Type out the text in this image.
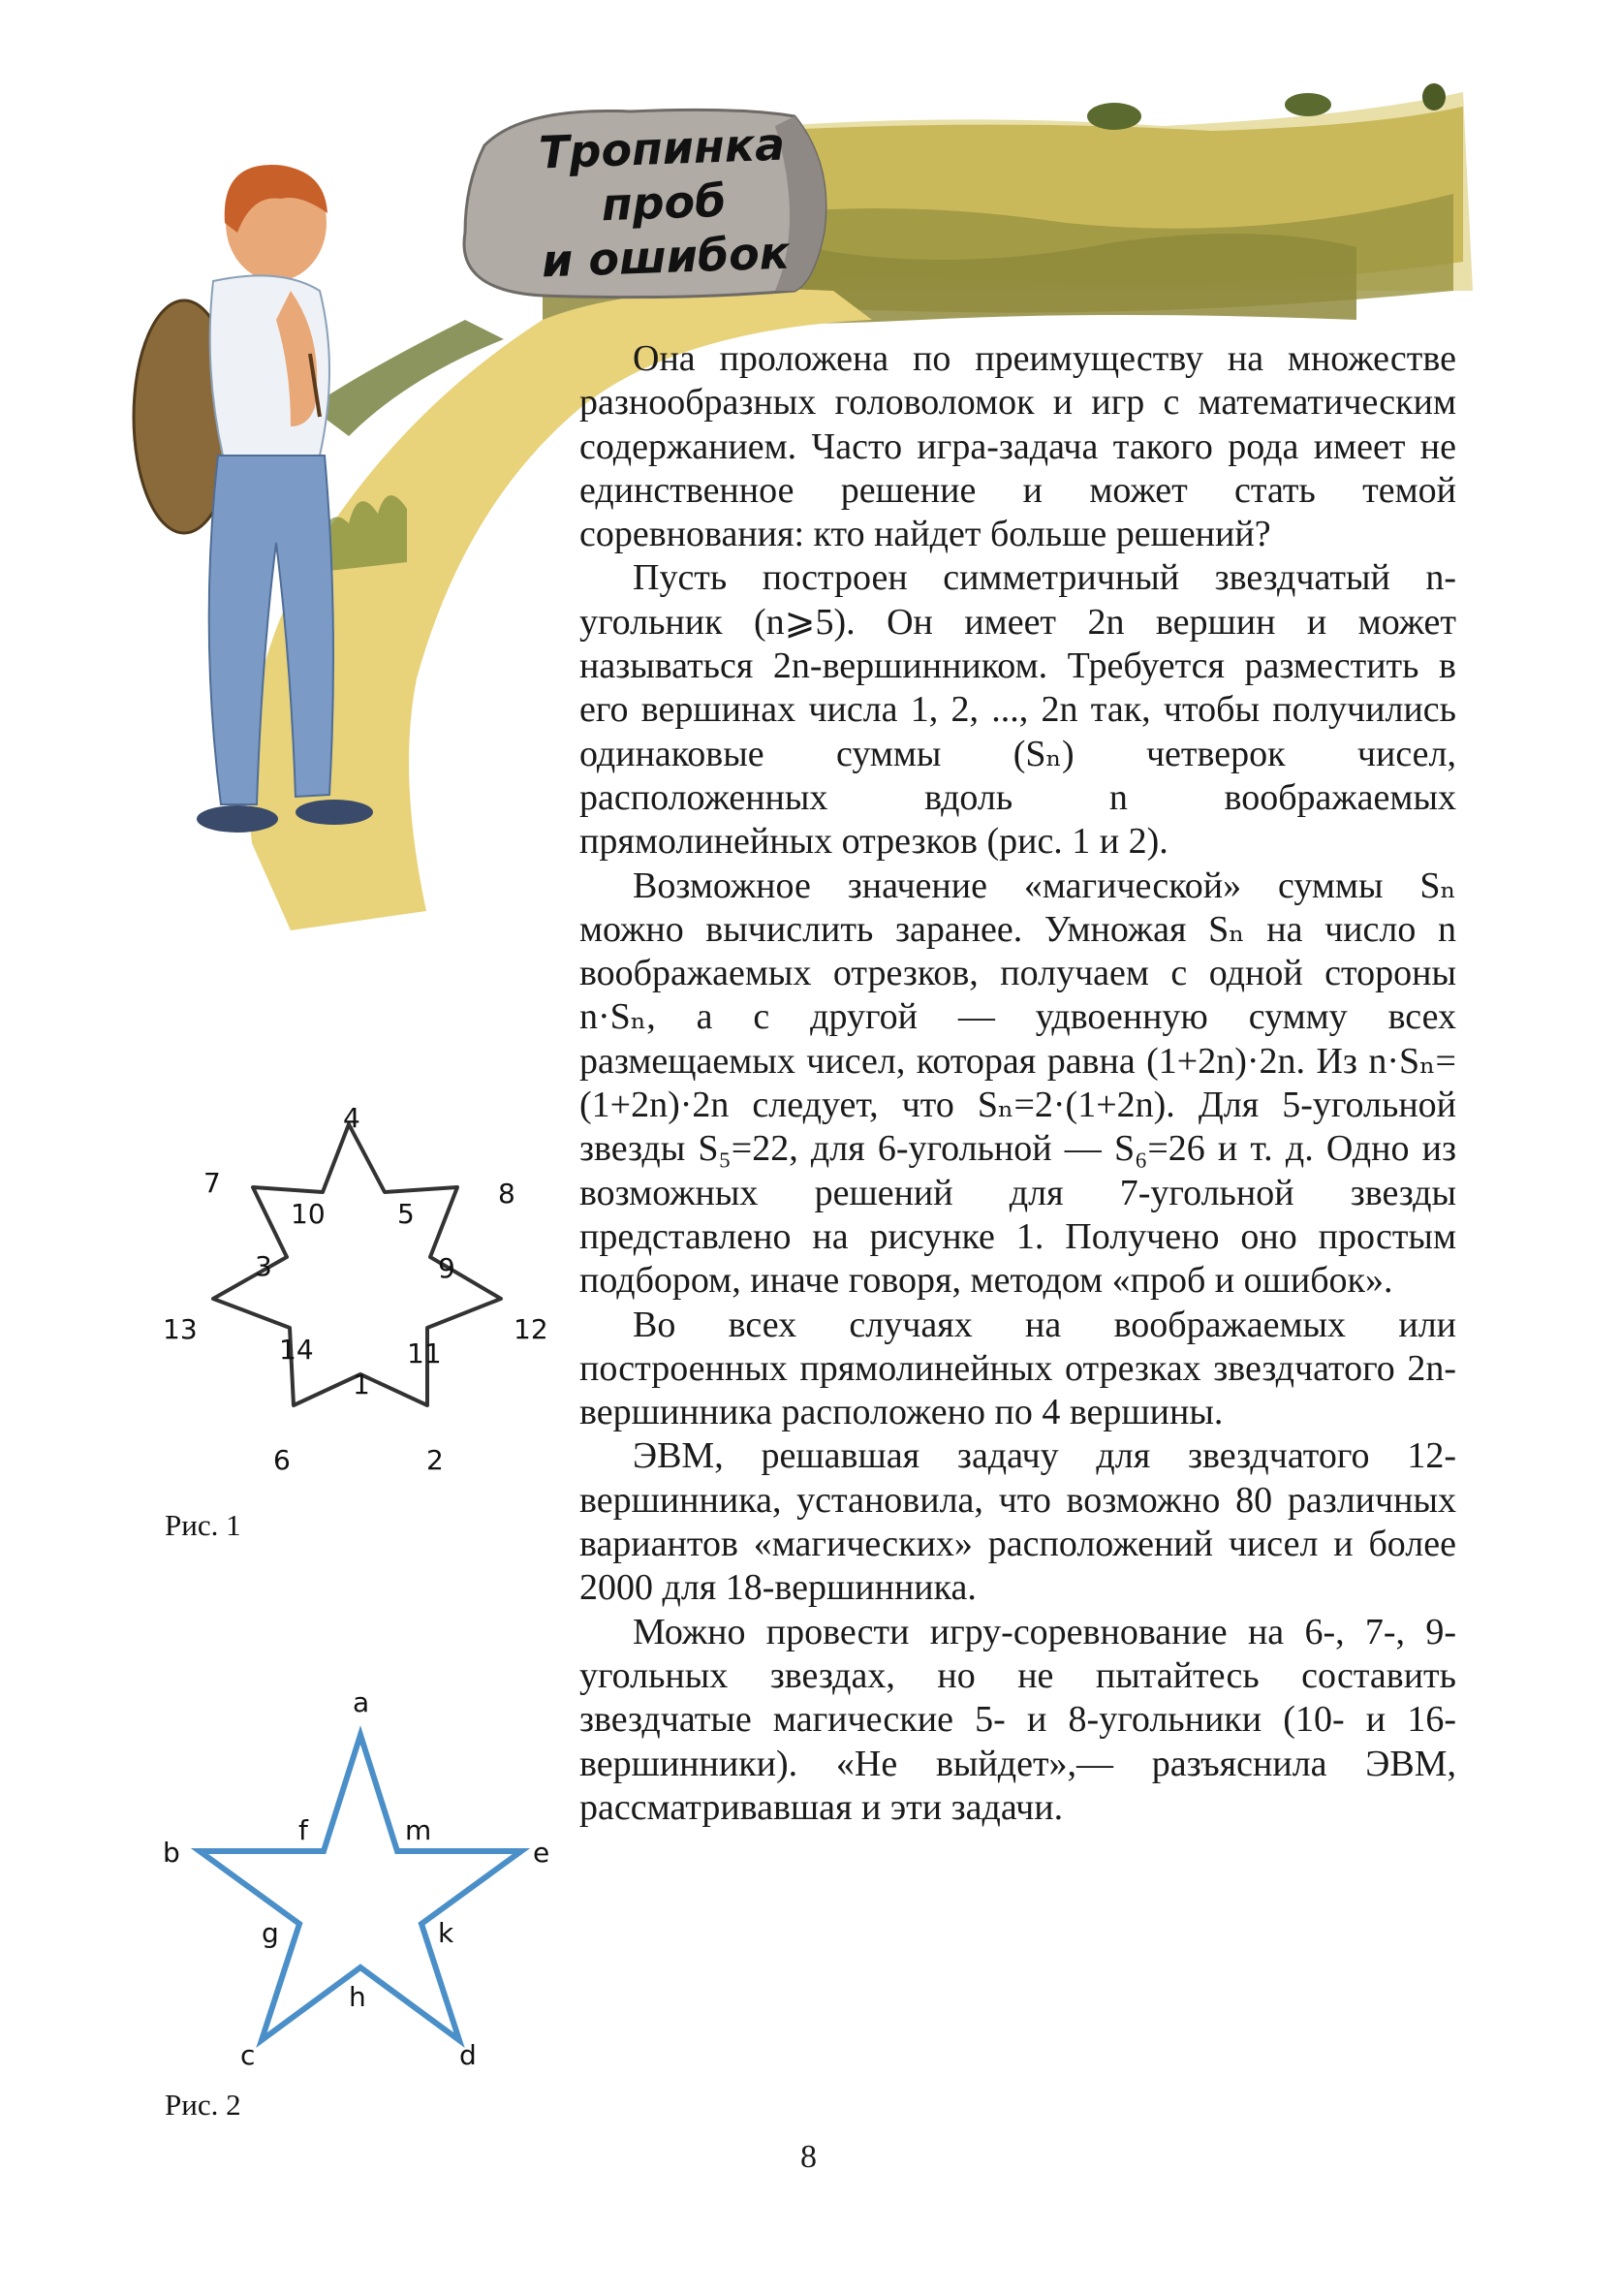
Тропинка
проб
и ошибок

Она проложена по преимуществу на множестве разнообразных головоломок и игр с математическим содержанием. Часто игра-задача такого рода имеет не единственное решение и может стать темой соревнования: кто найдет больше решений?

Пусть построен симметричный звездчатый n-угольник (n⩾5). Он имеет 2n вершин и может называться 2n-вершинником. Требуется разместить в его вершинах числа 1, 2, ..., 2n так, чтобы получились одинаковые суммы (Sₙ) четверок чисел, расположенных вдоль n воображаемых прямолинейных отрезков (рис. 1 и 2).

Возможное значение «магической» суммы Sₙ можно вычислить заранее. Умножая Sₙ на число n воображаемых отрезков, получаем с одной стороны n·Sₙ, а с другой — удвоенную сумму всех размещаемых чисел, которая равна (1+2n)·2n. Из n·Sₙ=(1+2n)·2n следует, что Sₙ=2·(1+2n). Для 5-угольной звезды S₅=22, для 6-угольной — S₆=26 и т. д. Одно из возможных решений для 7-угольной звезды представлено на рисунке 1. Получено оно простым подбором, иначе говоря, методом «проб и ошибок».

Во всех случаях на воображаемых или построенных прямолинейных отрезках звездчатого 2n-вершинника расположено по 4 вершины.

ЭВМ, решавшая задачу для звездчатого 12-вершинника, установила, что возможно 80 различных вариантов «магических» расположений чисел и более 2000 для 18-вершинника.

Можно провести игру-соревнование на 6-, 7-, 9-угольных звездах, но не пытайтесь составить звездчатые магические 5- и 8-угольники (10- и 16-вершинники). «Не выйдет»,— разъяснила ЭВМ, рассматривавшая и эти задачи.

4
7
10	5
8
3	9
13
14	11
12
1
6	2
Рис. 1
a
b
f	m
e
g	k
h
c	d
Рис. 2
8
